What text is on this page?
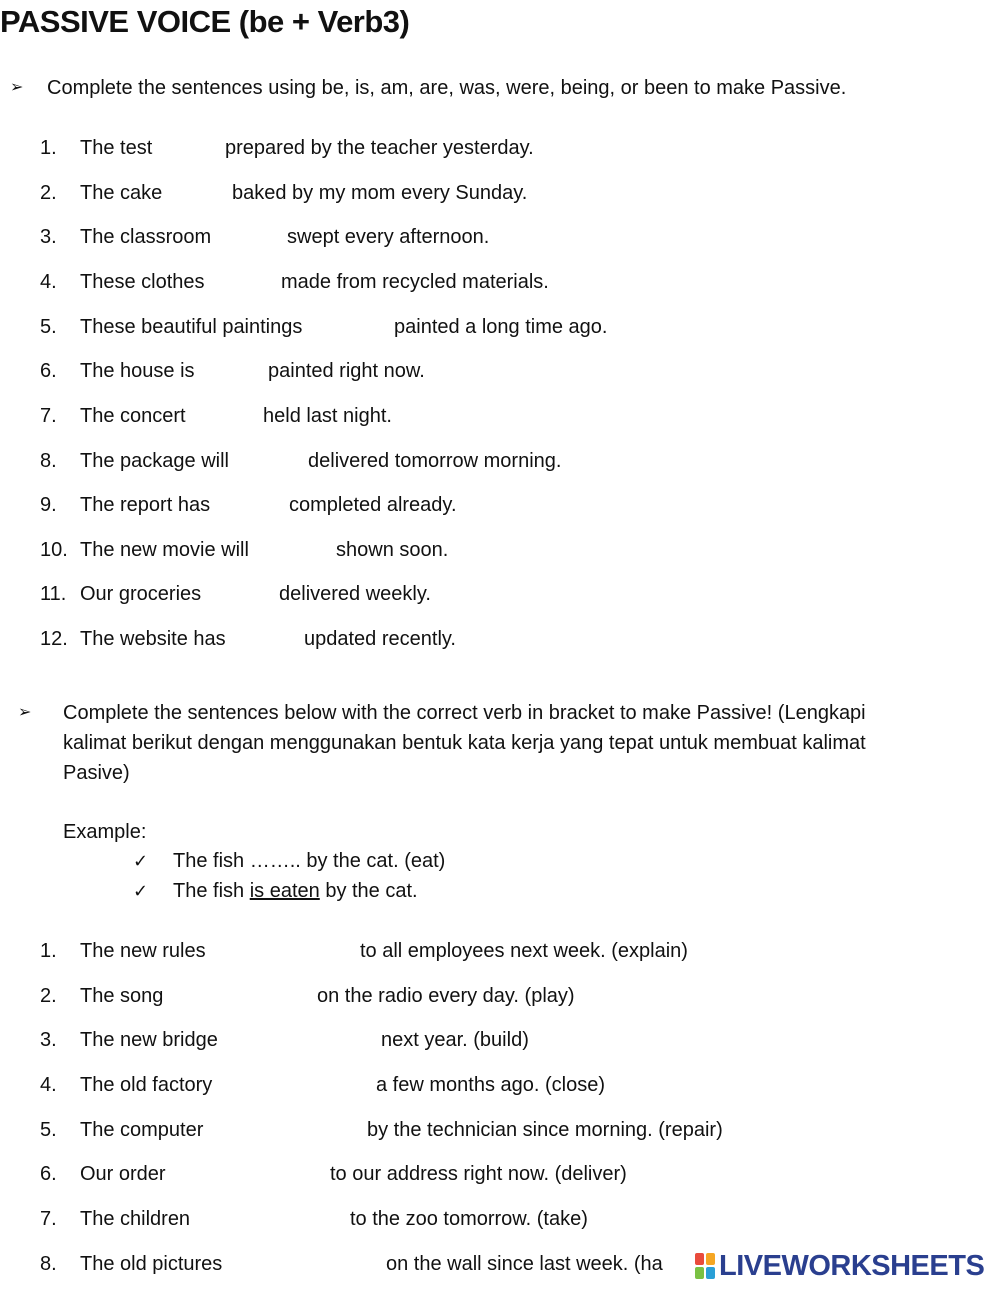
PASSIVE VOICE (be + Verb3)
➢ Complete the sentences using be, is, am, are, was, were, being, or been to make Passive.
1. The test	prepared by the teacher yesterday.
2. The cake	baked by my mom every Sunday.
3. The classroom	swept every afternoon.
4. These clothes	made from recycled materials.
5. These beautiful paintings	painted a long time ago.
6. The house is	painted right now.
7. The concert	held last night.
8. The package will	delivered tomorrow morning.
9. The report has	completed already.
10. The new movie will	shown soon.
11. Our groceries	delivered weekly.
12. The website has	updated recently.
➢ Complete the sentences below with the correct verb in bracket to make Passive! (Lengkapi
kalimat berikut dengan menggunakan bentuk kata kerja yang tepat untuk membuat kalimat
Pasive)
Example:
✓ The fish …….. by the cat. (eat)
✓ The fish is eaten by the cat.
1. The new rules	to all employees next week. (explain)
2. The song	on the radio every day. (play)
3. The new bridge	next year. (build)
4. The old factory	a few months ago. (close)
5. The computer	by the technician since morning. (repair)
6. Our order	to our address right now. (deliver)
7. The children	to the zoo tomorrow. (take)
8. The old pictures	on the wall since last week. (ha LIVEWORKSHEETS
